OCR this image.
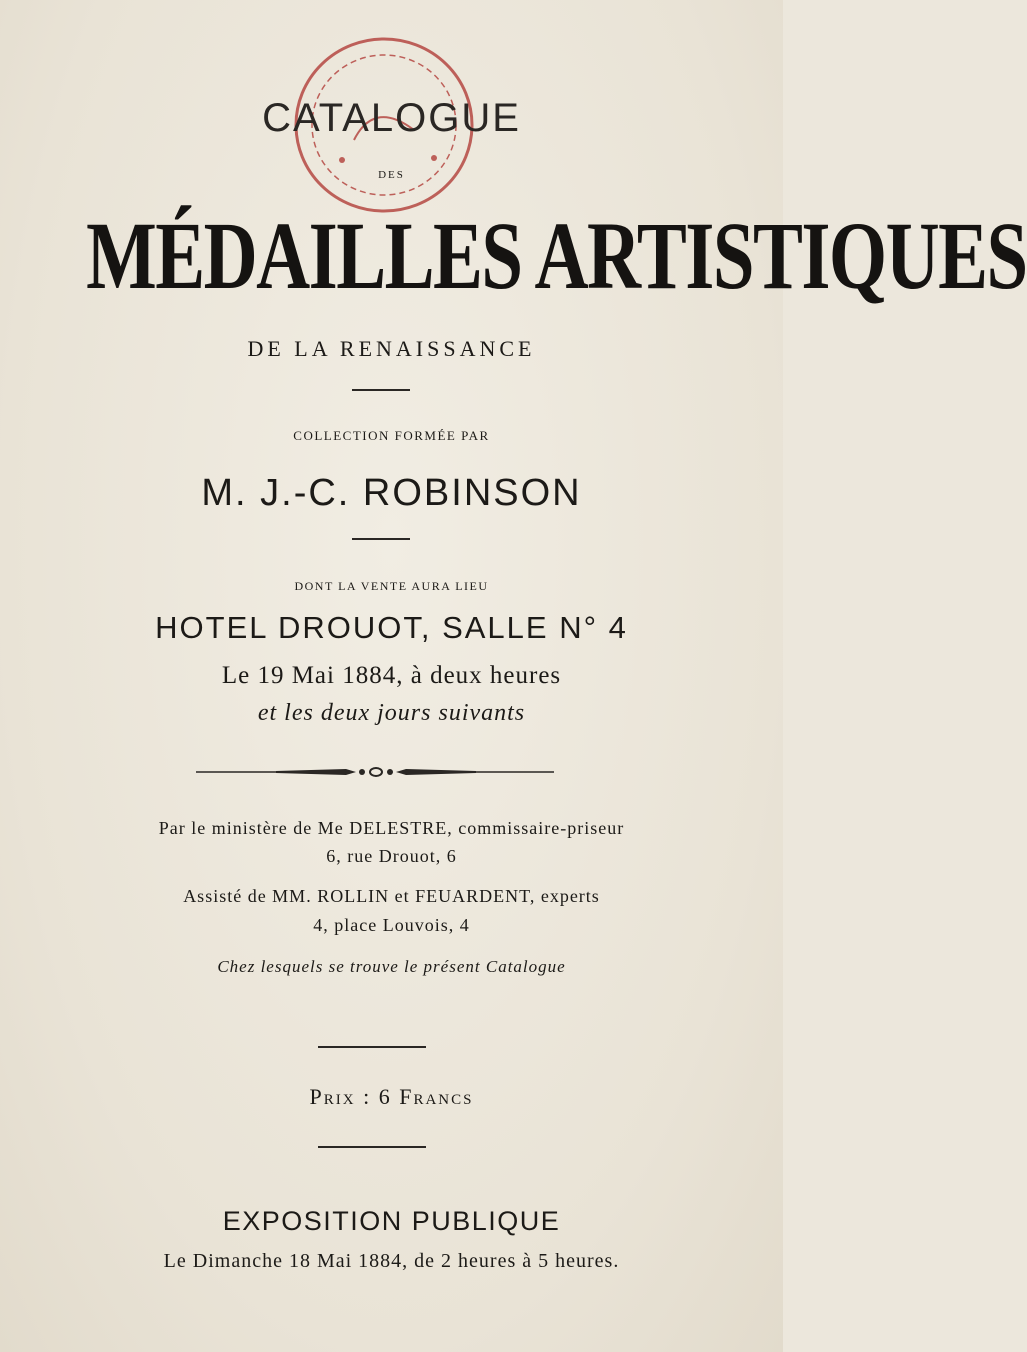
CATALOGUE
DES
MÉDAILLES ARTISTIQUES
DE LA RENAISSANCE
COLLECTION FORMÉE PAR
M. J.-C. ROBINSON
DONT LA VENTE AURA LIEU
HOTEL DROUOT, SALLE N° 4
Le 19 Mai 1884, à deux heures
et les deux jours suivants
Par le ministère de Me DELESTRE, commissaire-priseur
6, rue Drouot, 6
Assisté de MM. ROLLIN et FEUARDENT, experts
4, place Louvois, 4
Chez lesquels se trouve le présent Catalogue
Prix : 6 Francs
EXPOSITION PUBLIQUE
Le Dimanche 18 Mai 1884, de 2 heures à 5 heures.
